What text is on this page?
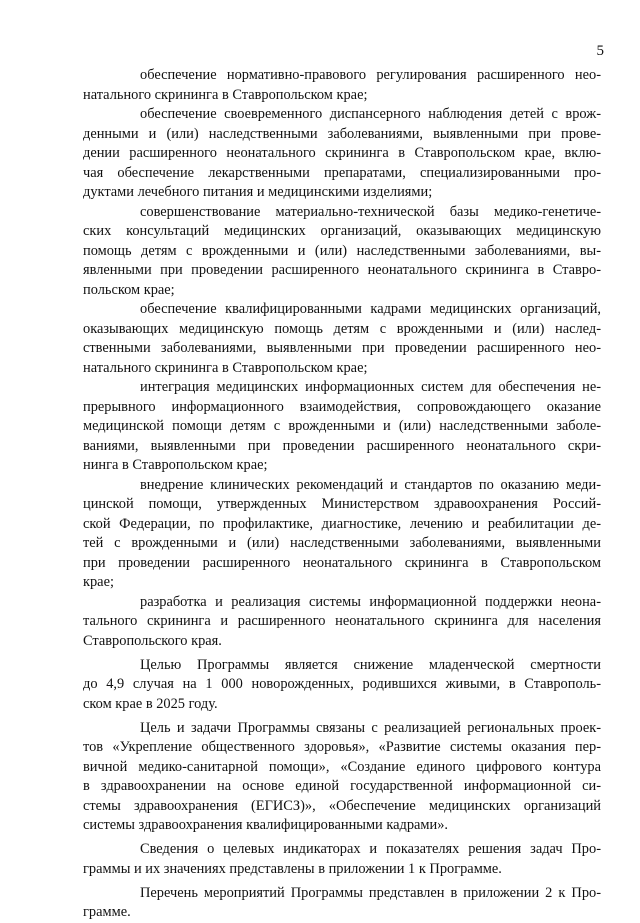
5
обеспечение нормативно-правового регулирования расширенного нео-
натального скрининга в Ставропольском крае;
обеспечение своевременного диспансерного наблюдения детей с врож-
денными и (или) наследственными заболеваниями, выявленными при прове-
дении расширенного неонатального скрининга в Ставропольском крае, вклю-
чая обеспечение лекарственными препаратами, специализированными про-
дуктами лечебного питания и медицинскими изделиями;
совершенствование материально-технической базы медико-генетиче-
ских консультаций медицинских организаций, оказывающих медицинскую
помощь детям с врожденными и (или) наследственными заболеваниями, вы-
явленными при проведении расширенного неонатального скрининга в Ставро-
польском крае;
обеспечение квалифицированными кадрами медицинских организаций,
оказывающих медицинскую помощь детям с врожденными и (или) наслед-
ственными заболеваниями, выявленными при проведении расширенного нео-
натального скрининга в Ставропольском крае;
интеграция медицинских информационных систем для обеспечения не-
прерывного информационного взаимодействия, сопровождающего оказание
медицинской помощи детям с врожденными и (или) наследственными заболе-
ваниями, выявленными при проведении расширенного неонатального скри-
нинга в Ставропольском крае;
внедрение клинических рекомендаций и стандартов по оказанию меди-
цинской помощи, утвержденных Министерством здравоохранения Россий-
ской Федерации, по профилактике, диагностике, лечению и реабилитации де-
тей с врожденными и (или) наследственными заболеваниями, выявленными
при проведении расширенного неонатального скрининга в Ставропольском
крае;
разработка и реализация системы информационной поддержки неона-
тального скрининга и расширенного неонатального скрининга для населения
Ставропольского края.
Целью Программы является снижение младенческой смертности
до 4,9 случая на 1 000 новорожденных, родившихся живыми, в Ставрополь-
ском крае в 2025 году.
Цель и задачи Программы связаны с реализацией региональных проек-
тов «Укрепление общественного здоровья», «Развитие системы оказания пер-
вичной медико-санитарной помощи», «Создание единого цифрового контура
в здравоохранении на основе единой государственной информационной си-
стемы здравоохранения (ЕГИСЗ)», «Обеспечение медицинских организаций
системы здравоохранения квалифицированными кадрами».
Сведения о целевых индикаторах и показателях решения задач Про-
граммы и их значениях представлены в приложении 1 к Программе.
Перечень мероприятий Программы представлен в приложении 2 к Про-
грамме.
